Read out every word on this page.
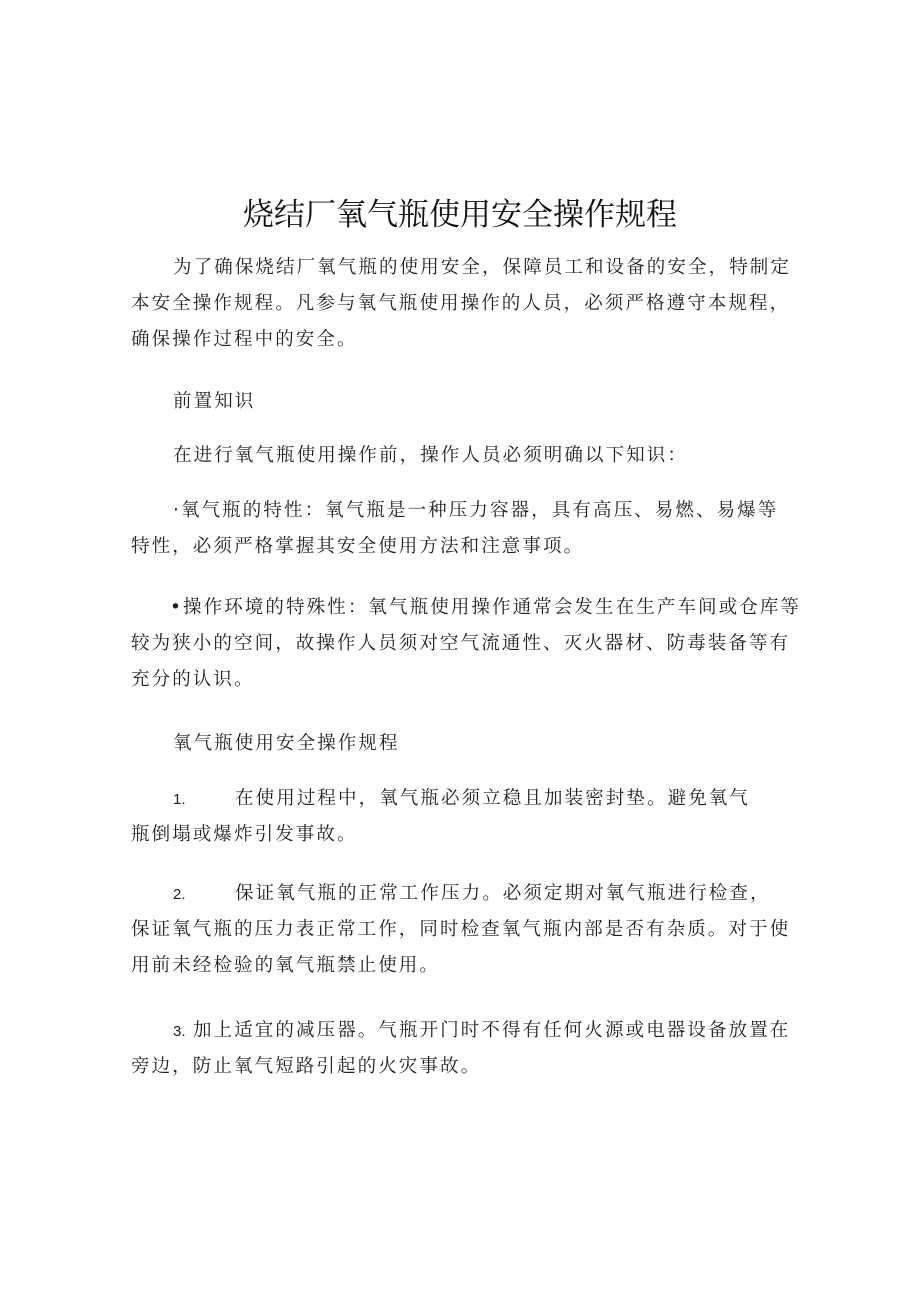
烧结厂氧气瓶使用安全操作规程
为了确保烧结厂氧气瓶的使用安全，保障员工和设备的安全，特制定
本安全操作规程。凡参与氧气瓶使用操作的人员，必须严格遵守本规程，
确保操作过程中的安全。
前置知识
在进行氧气瓶使用操作前，操作人员必须明确以下知识：
·氧气瓶的特性：氧气瓶是一种压力容器，具有高压、易燃、易爆等
特性，必须严格掌握其安全使用方法和注意事项。
•操作环境的特殊性：氧气瓶使用操作通常会发生在生产车间或仓库等
较为狭小的空间，故操作人员须对空气流通性、灭火器材、防毒装备等有
充分的认识。
氧气瓶使用安全操作规程
1.	在使用过程中，氧气瓶必须立稳且加装密封垫。避免氧气
瓶倒塌或爆炸引发事故。
2.	保证氧气瓶的正常工作压力。必须定期对氧气瓶进行检查，
保证氧气瓶的压力表正常工作，同时检查氧气瓶内部是否有杂质。对于使
用前未经检验的氧气瓶禁止使用。
3. 加上适宜的减压器。气瓶开门时不得有任何火源或电器设备放置在
旁边，防止氧气短路引起的火灾事故。
